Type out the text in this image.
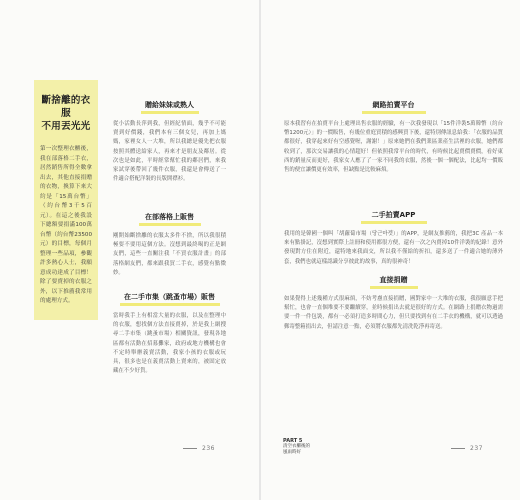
斷捨離的衣服
不用丟光光
第一次整理衣櫃後，我在部落格二手衣，居然銷售所得全數拿出去，其他直接捐贈的衣物，換算下來大約是「15萬台幣」（約台幣3千5百元）。在這之後我設下總額要捐滿100萬台幣（約台幣23500元）的目標，每個月整理一些品項，參觀許多熱心人士，我願意成功達成了目標！除了要賣掉的衣服之外，以下推薦我常用的處理方式。
贈給妹妹或熟人
從小活動長萍到我，但經紀情面，幾乎不可能賣到好價錢，我們本有三個女兒，再加上媽媽，家裡女人一大堆，所以我總是優先把衣服按照其體送給家人，再來才是朋友及鄰居。從次也是如此，平時經常幫忙我的鄰居們，來我家試穿後帶回了幾件衣服，我還是會傳送了一件適合搭配洋裝的長版開襟衫。
在部落格上販售
剛開始斷捨離的衣服太多件不捨，所以我很積極要不要用這個方法。沒想到最終喝的正是網友們，這些一直關注我「不買衣服計畫」的部落格網友們，都來跟我買二手衣，感覺有點微妙。
在二手市集（跳蚤市場）販售
當時我手上有相當大量的衣服，以及在整理中的衣服，想找個方法直接賣掉，於是我上網搜尋二手市集（跳蚤市場）相關資訊，發現各地區都有活動在招募攤家，政府或地方機構也會不定時舉辦義賣活動，我家小孩的衣服或玩具，很多也是在義賣活動上賣來的，被固定放藏在不少好貨。
236
網路拍賣平台
原本我習有在拍賣平台上處理出售衣服的經驗，有一次我發現以「15件洋裝5萬韓幣（約台幣1200元）」的一價販售，有幾位重庭買積的感興買下後，還特別傳訊息給我：「衣服的品質都很好，我穿起來好有空感覺喔，謝謝！」原來她們在我們業區業產生活裡的衣服，她們都收到了，那次交易讓我的心情超好！但依照我常平台的時代，有時候比起賣價賣價，看好東西的銷量反而更好，我家女人應了了一家不同我的衣服，然後一個一個配法，比起均一價販售的便宜讓價更有效率，但缺點是比較麻煩。
二手拍賣APP
我用的是韓國一個叫「胡蘿蔔市場（당근마켓）」的APP，是網友推薦的，我把3C 產品一本來有點掛記，沒想到實際上註冊和使用都很方便，還有一次之內賣掉10件洋裝的紀錄！意外發現對方住在附近，還特地來我面交，所以我不僅給的折扣，還多送了一件適合她的薄外套，我們也就這樣認識分享彼此的故事，真的很神奇！
直接捐贈
如果覺得上述幾種方式很麻煩，不妨考慮直接捐贈，國對家中一大堆的衣服，我很願意手把幫忙，也會一直個堆要不要繼續穿，並時候捐出去就是很好的方式。在網路上捐贈衣物過需要一件一件包裝，都有一必須打造多時間心力，但只要找到有在二手衣的機構，就可以透過郵寄整箱捐出去，但請注意一點，必須將衣服都先清洗乾淨再寄送。
237
PART 5
清空衣櫃後的
風雨時好
